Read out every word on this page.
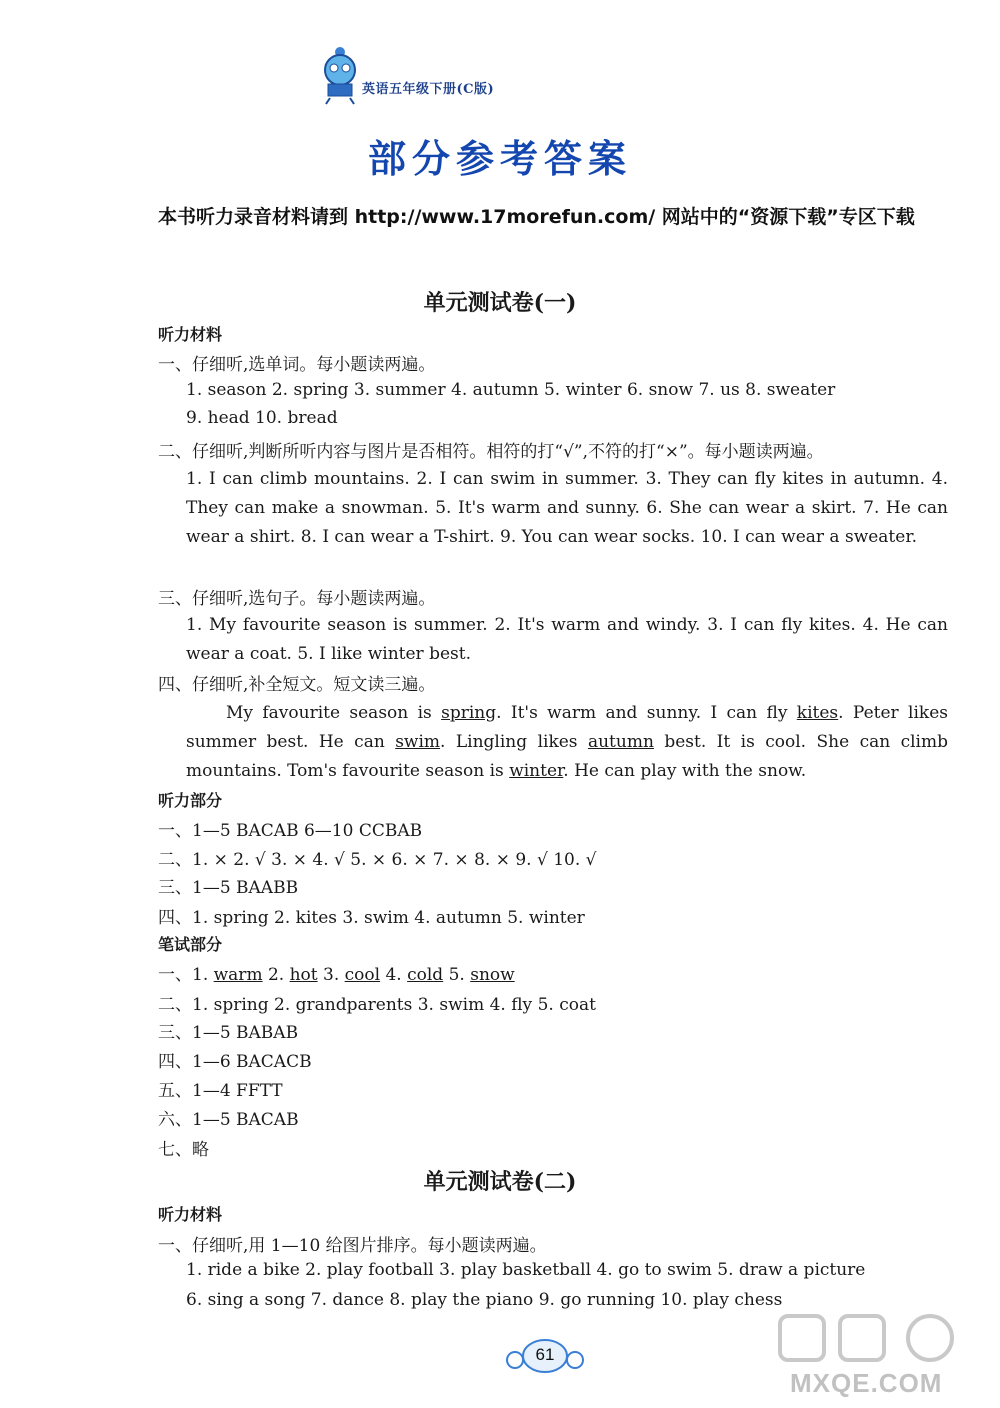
英语五年级下册(C版)
部分参考答案
本书听力录音材料请到 http://www.17morefun.com/ 网站中的“资源下载”专区下载
单元测试卷(一)
听力材料
一、仔细听,选单词。每小题读两遍。
1. season 2. spring 3. summer 4. autumn 5. winter 6. snow 7. us 8. sweater
9. head 10. bread
二、仔细听,判断所听内容与图片是否相符。相符的打“√”,不符的打“×”。每小题读两遍。
1. I can climb mountains. 2. I can swim in summer. 3. They can fly kites in autumn. 4. They can make a snowman. 5. It's warm and sunny. 6. She can wear a skirt. 7. He can wear a shirt. 8. I can wear a T-shirt. 9. You can wear socks. 10. I can wear a sweater.
三、仔细听,选句子。每小题读两遍。
1. My favourite season is summer. 2. It's warm and windy. 3. I can fly kites. 4. He can wear a coat. 5. I like winter best.
四、仔细听,补全短文。短文读三遍。
My favourite season is spring. It's warm and sunny. I can fly kites. Peter likes summer best. He can swim. Lingling likes autumn best. It is cool. She can climb mountains. Tom's favourite season is winter. He can play with the snow.
听力部分
一、1—5 BACAB 6—10 CCBAB
二、1. × 2. √ 3. × 4. √ 5. × 6. × 7. × 8. × 9. √ 10. √
三、1—5 BAABB
四、1. spring 2. kites 3. swim 4. autumn 5. winter
笔试部分
一、1. warm 2. hot 3. cool 4. cold 5. snow
二、1. spring 2. grandparents 3. swim 4. fly 5. coat
三、1—5 BABAB
四、1—6 BACACB
五、1—4 FFTT
六、1—5 BACAB
七、略
单元测试卷(二)
听力材料
一、仔细听,用 1—10 给图片排序。每小题读两遍。
1. ride a bike 2. play football 3. play basketball 4. go to swim 5. draw a picture
6. sing a song 7. dance 8. play the piano 9. go running 10. play chess
61
MXQE.COM
